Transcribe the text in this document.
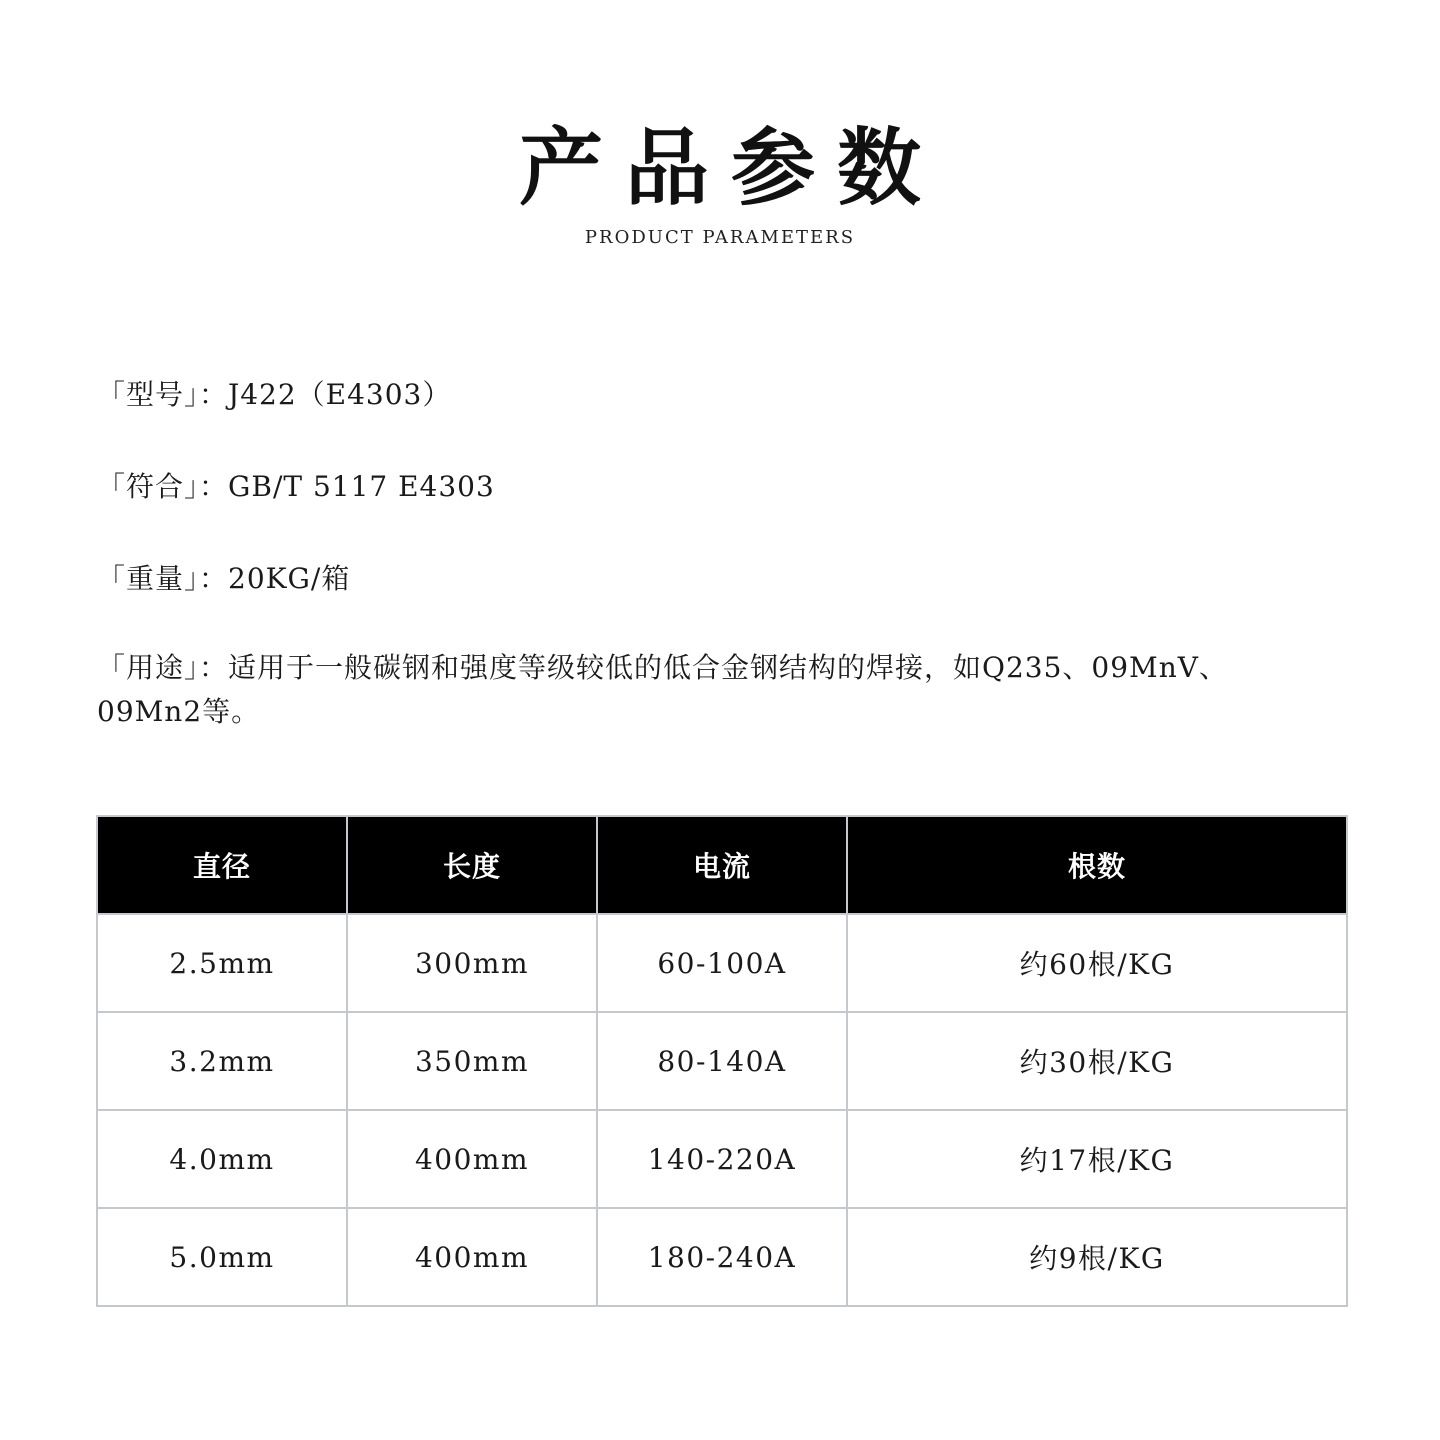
产品参数
PRODUCT PARAMETERS
「型号」：J422（E4303）
「符合」：GB/T 5117 E4303
「重量」：20KG/箱
「用途」：适用于一般碳钢和强度等级较低的低合金钢结构的焊接，如Q235、09MnV、09Mn2等。
直径	长度	电流	根数
2.5mm	300mm	60-100A	约60根/KG
3.2mm	350mm	80-140A	约30根/KG
4.0mm	400mm	140-220A	约17根/KG
5.0mm	400mm	180-240A	约9根/KG
